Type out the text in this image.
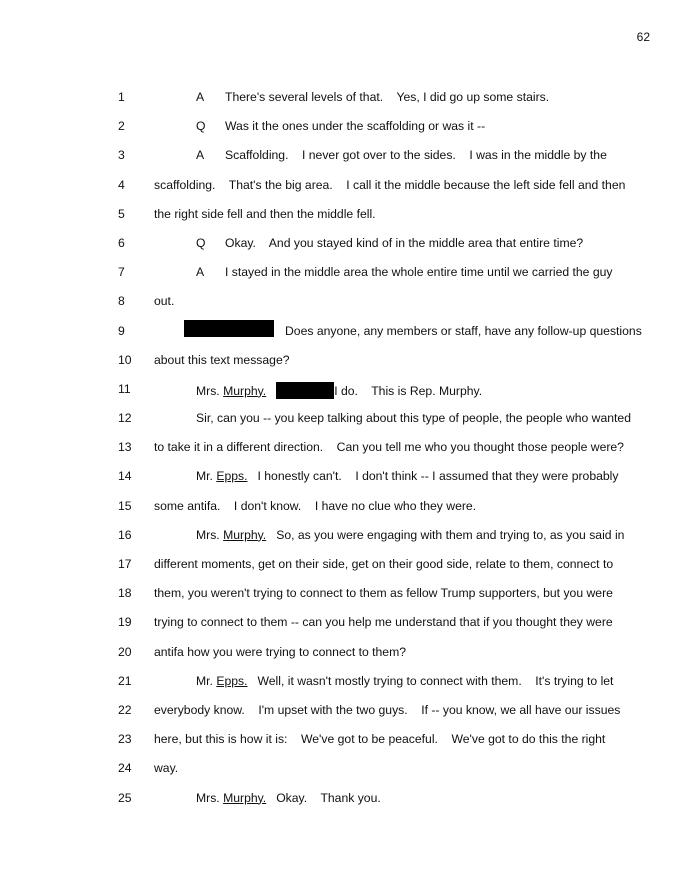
62
1	A There's several levels of that.    Yes, I did go up some stairs.
2	Q Was it the ones under the scaffolding or was it --
3	A Scaffolding.    I never got over to the sides.    I was in the middle by the
4	scaffolding.    That's the big area.    I call it the middle because the left side fell and then
5	the right side fell and then the middle fell.
6	Q Okay.    And you stayed kind of in the middle area that entire time?
7	A I stayed in the middle area the whole entire time until we carried the guy
8	out.
9	Does anyone, any members or staff, have any follow-up questions
10	about this text message?
11	Mrs. Murphy.	I do.    This is Rep. Murphy.
12	Sir, can you -- you keep talking about this type of people, the people who wanted
13	to take it in a different direction.    Can you tell me who you thought those people were?
14	Mr. Epps. I honestly can't.    I don't think -- I assumed that they were probably
15	some antifa.    I don't know.    I have no clue who they were.
16	Mrs. Murphy. So, as you were engaging with them and trying to, as you said in
17	different moments, get on their side, get on their good side, relate to them, connect to
18	them, you weren't trying to connect to them as fellow Trump supporters, but you were
19	trying to connect to them -- can you help me understand that if you thought they were
20	antifa how you were trying to connect to them?
21	Mr. Epps. Well, it wasn't mostly trying to connect with them.    It's trying to let
22	everybody know.    I'm upset with the two guys.    If -- you know, we all have our issues
23	here, but this is how it is:    We've got to be peaceful.    We've got to do this the right
24	way.
25	Mrs. Murphy. Okay.    Thank you.
